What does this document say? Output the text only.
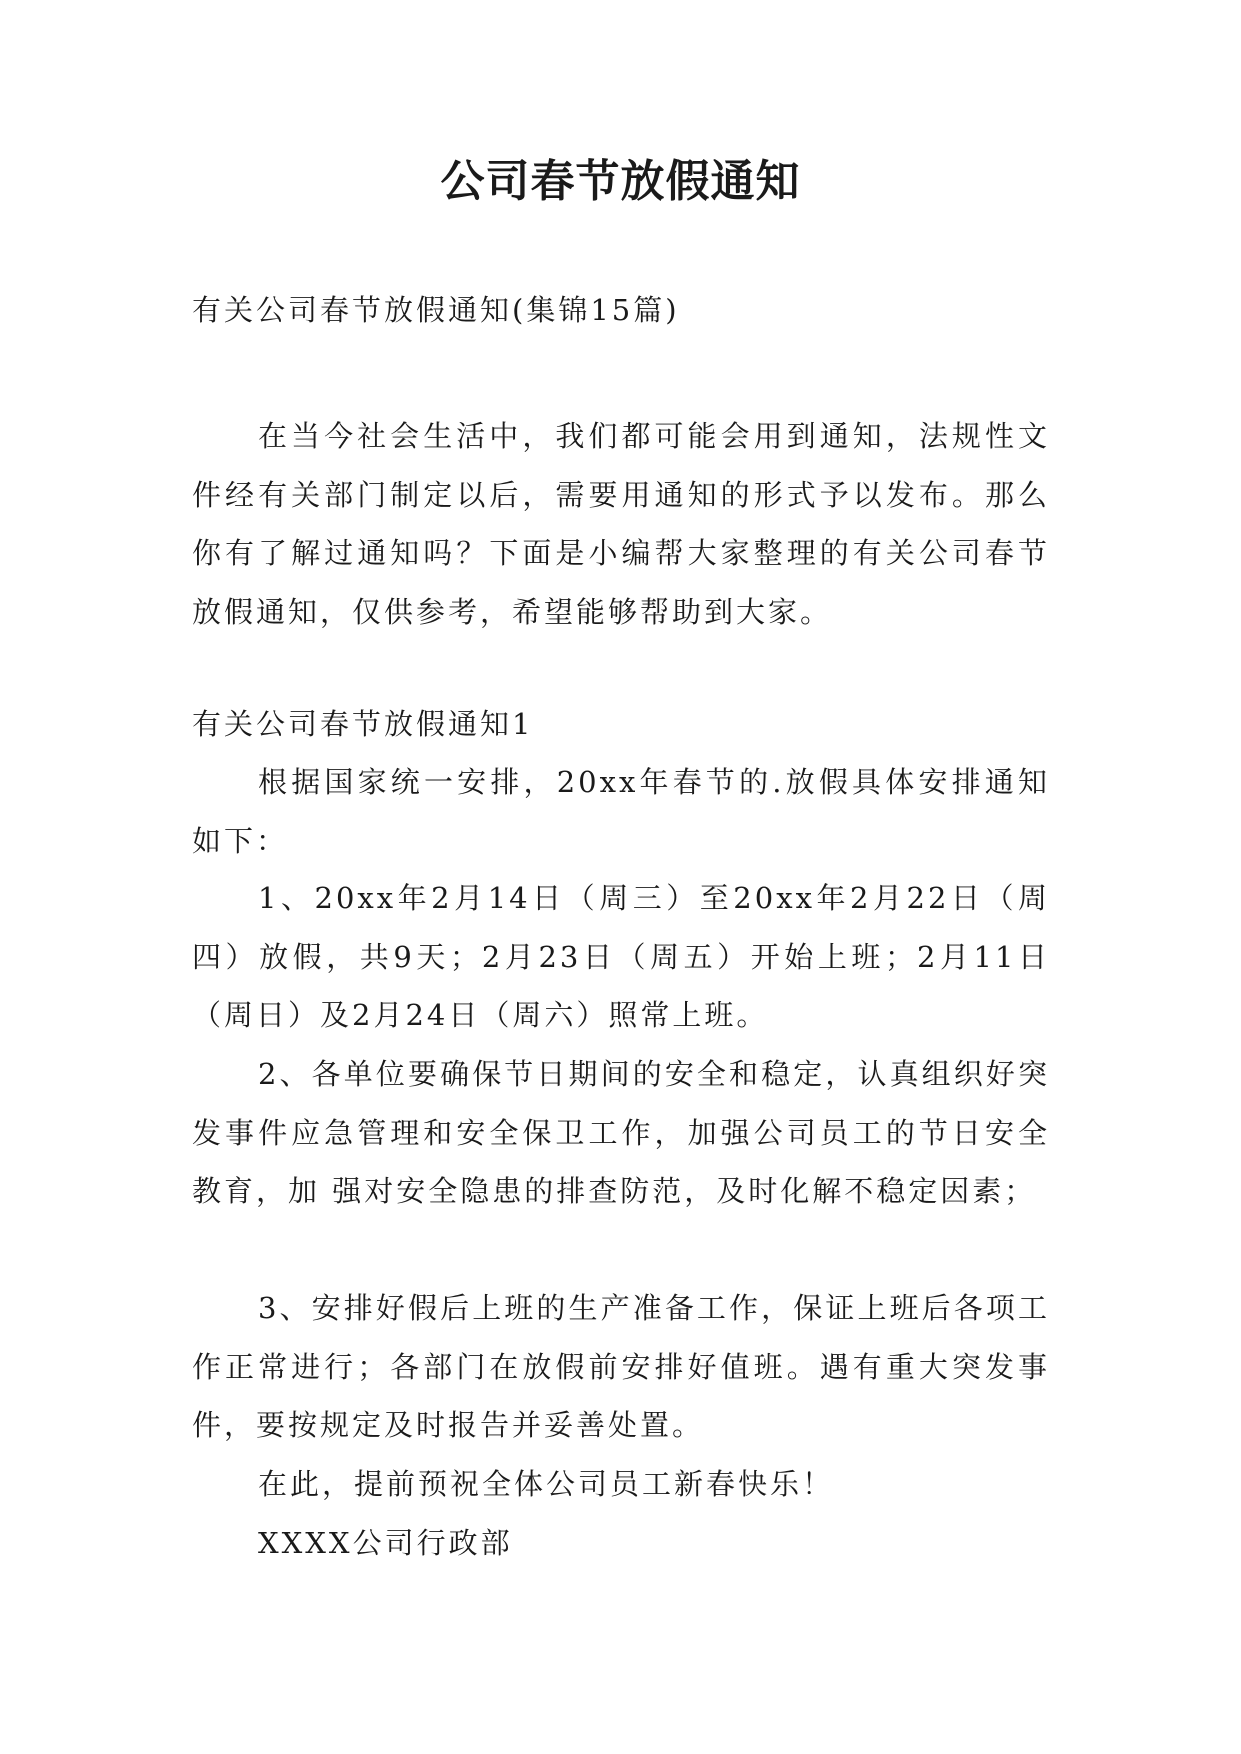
公司春节放假通知
有关公司春节放假通知(集锦15篇)
在当今社会生活中，我们都可能会用到通知，法规性文件经有关部门制定以后，需要用通知的形式予以发布。那么你有了解过通知吗？下面是小编帮大家整理的有关公司春节放假通知，仅供参考，希望能够帮助到大家。
有关公司春节放假通知1
根据国家统一安排，20xx年春节的.放假具体安排通知如下：
1、20xx年2月14日（周三）至20xx年2月22日（周四）放假，共9天；2月23日（周五）开始上班；2月11日（周日）及2月24日（周六）照常上班。
2、各单位要确保节日期间的安全和稳定，认真组织好突发事件应急管理和安全保卫工作，加强公司员工的节日安全教育，加 强对安全隐患的排查防范，及时化解不稳定因素；
3、安排好假后上班的生产准备工作，保证上班后各项工作正常进行；各部门在放假前安排好值班。遇有重大突发事件，要按规定及时报告并妥善处置。
在此，提前预祝全体公司员工新春快乐！
XXXX公司行政部
